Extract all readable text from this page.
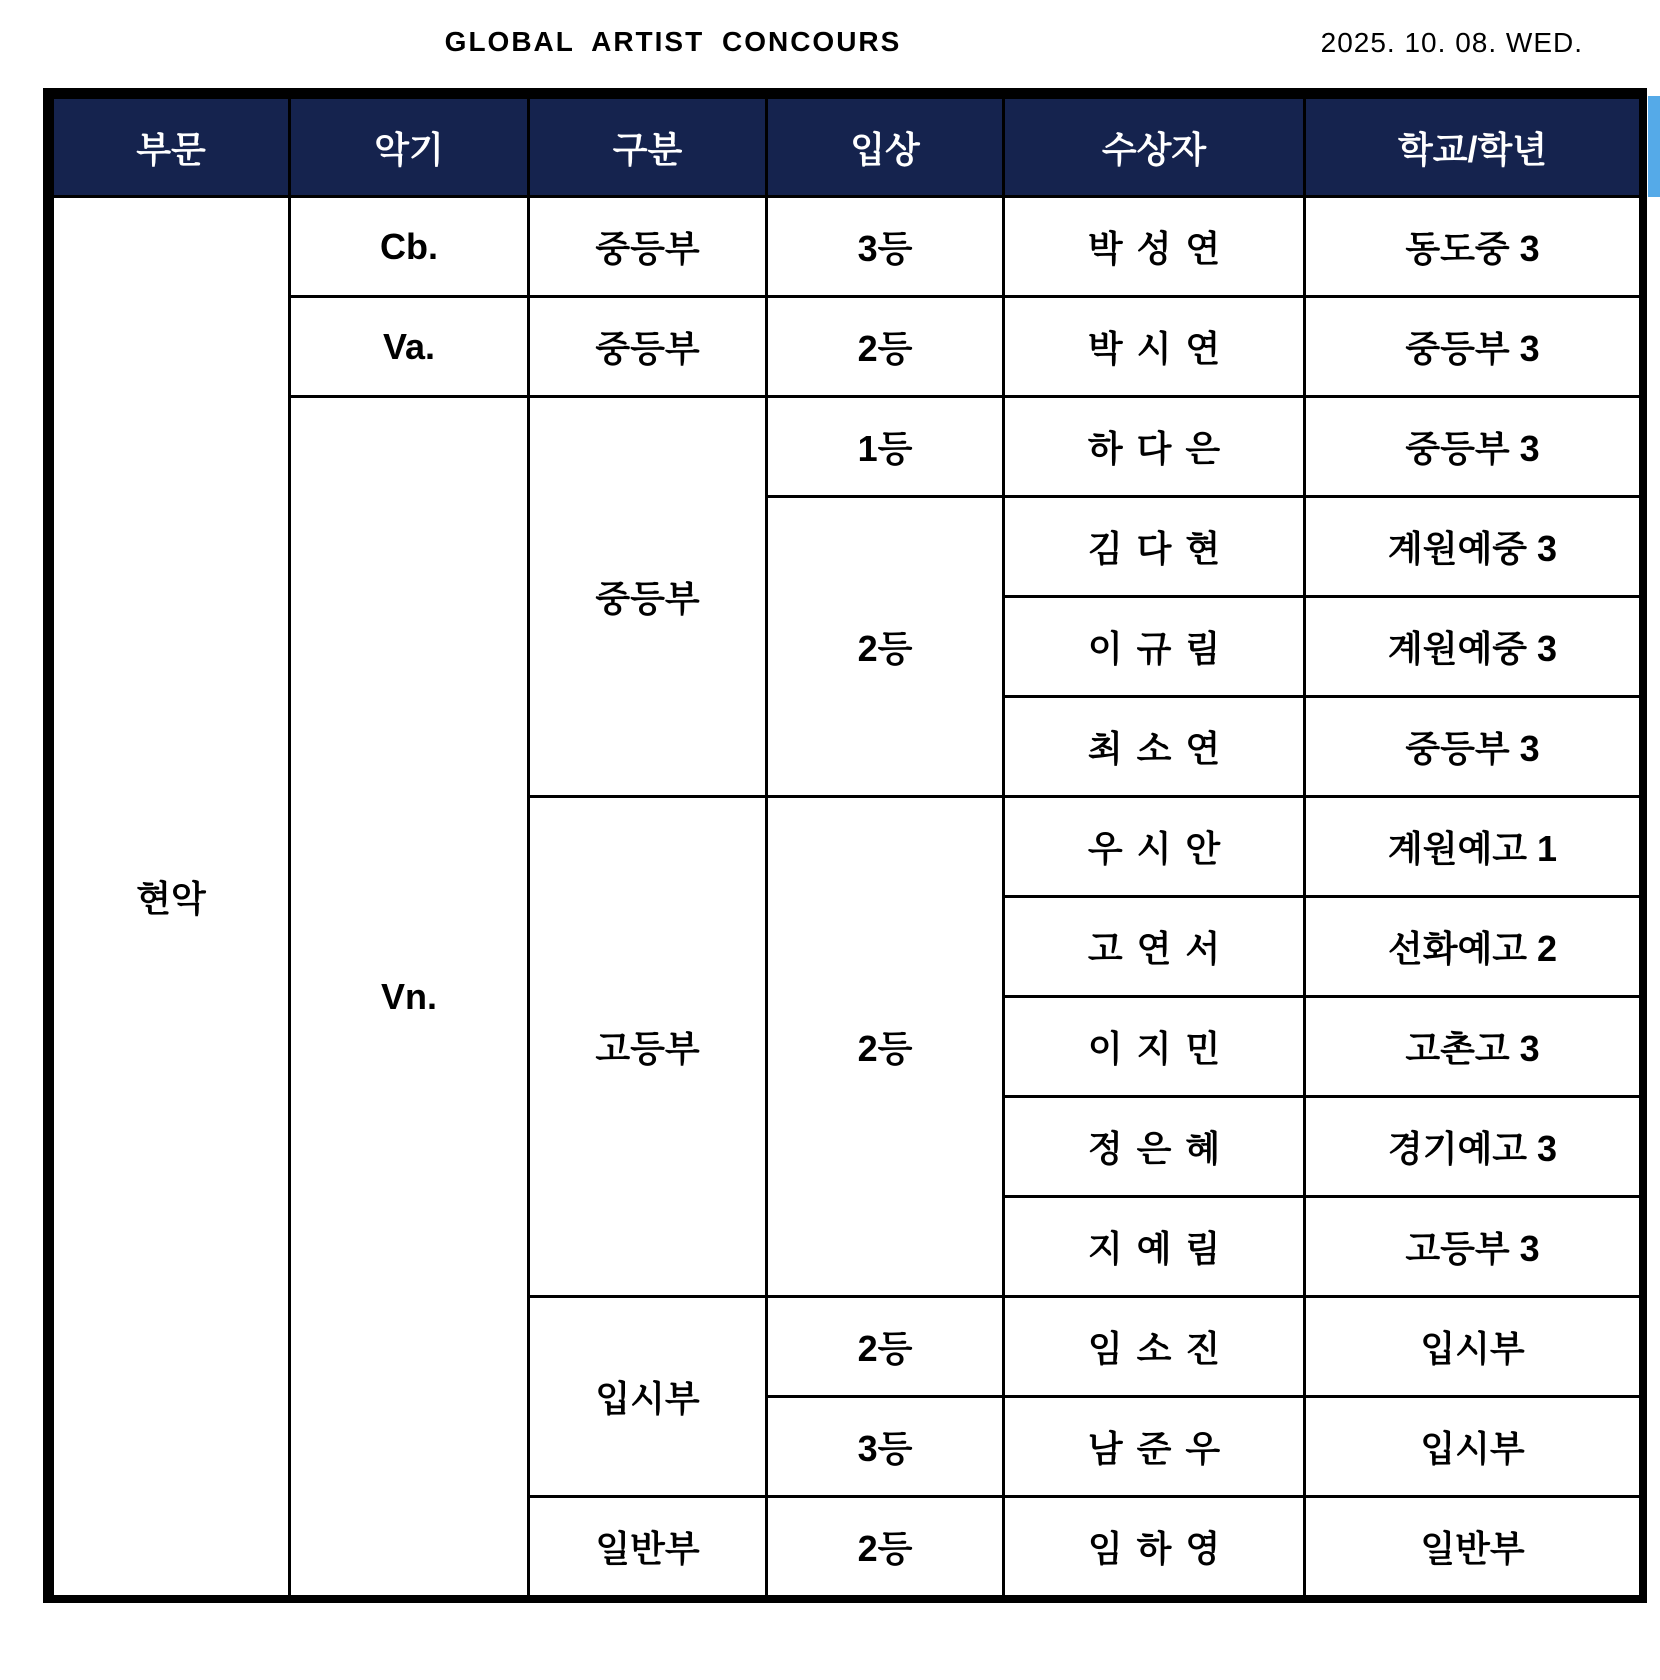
GLOBAL ARTIST CONCOURS	2025. 10. 08. WED.
부문	악기	구분	입상	수상자	학교/학년
현악	Cb.	중등부	3등	박성연	동도중 3
	Va.	중등부	2등	박시연	중등부 3
	Vn.	중등부	1등	하다은	중등부 3
			2등	김다현	계원예중 3
				이규림	계원예중 3
				최소연	중등부 3
		고등부	2등	우시안	계원예고 1
				고연서	선화예고 2
				이지민	고촌고 3
				정은혜	경기예고 3
				지예림	고등부 3
		입시부	2등	임소진	입시부
			3등	남준우	입시부
		일반부	2등	임하영	일반부
